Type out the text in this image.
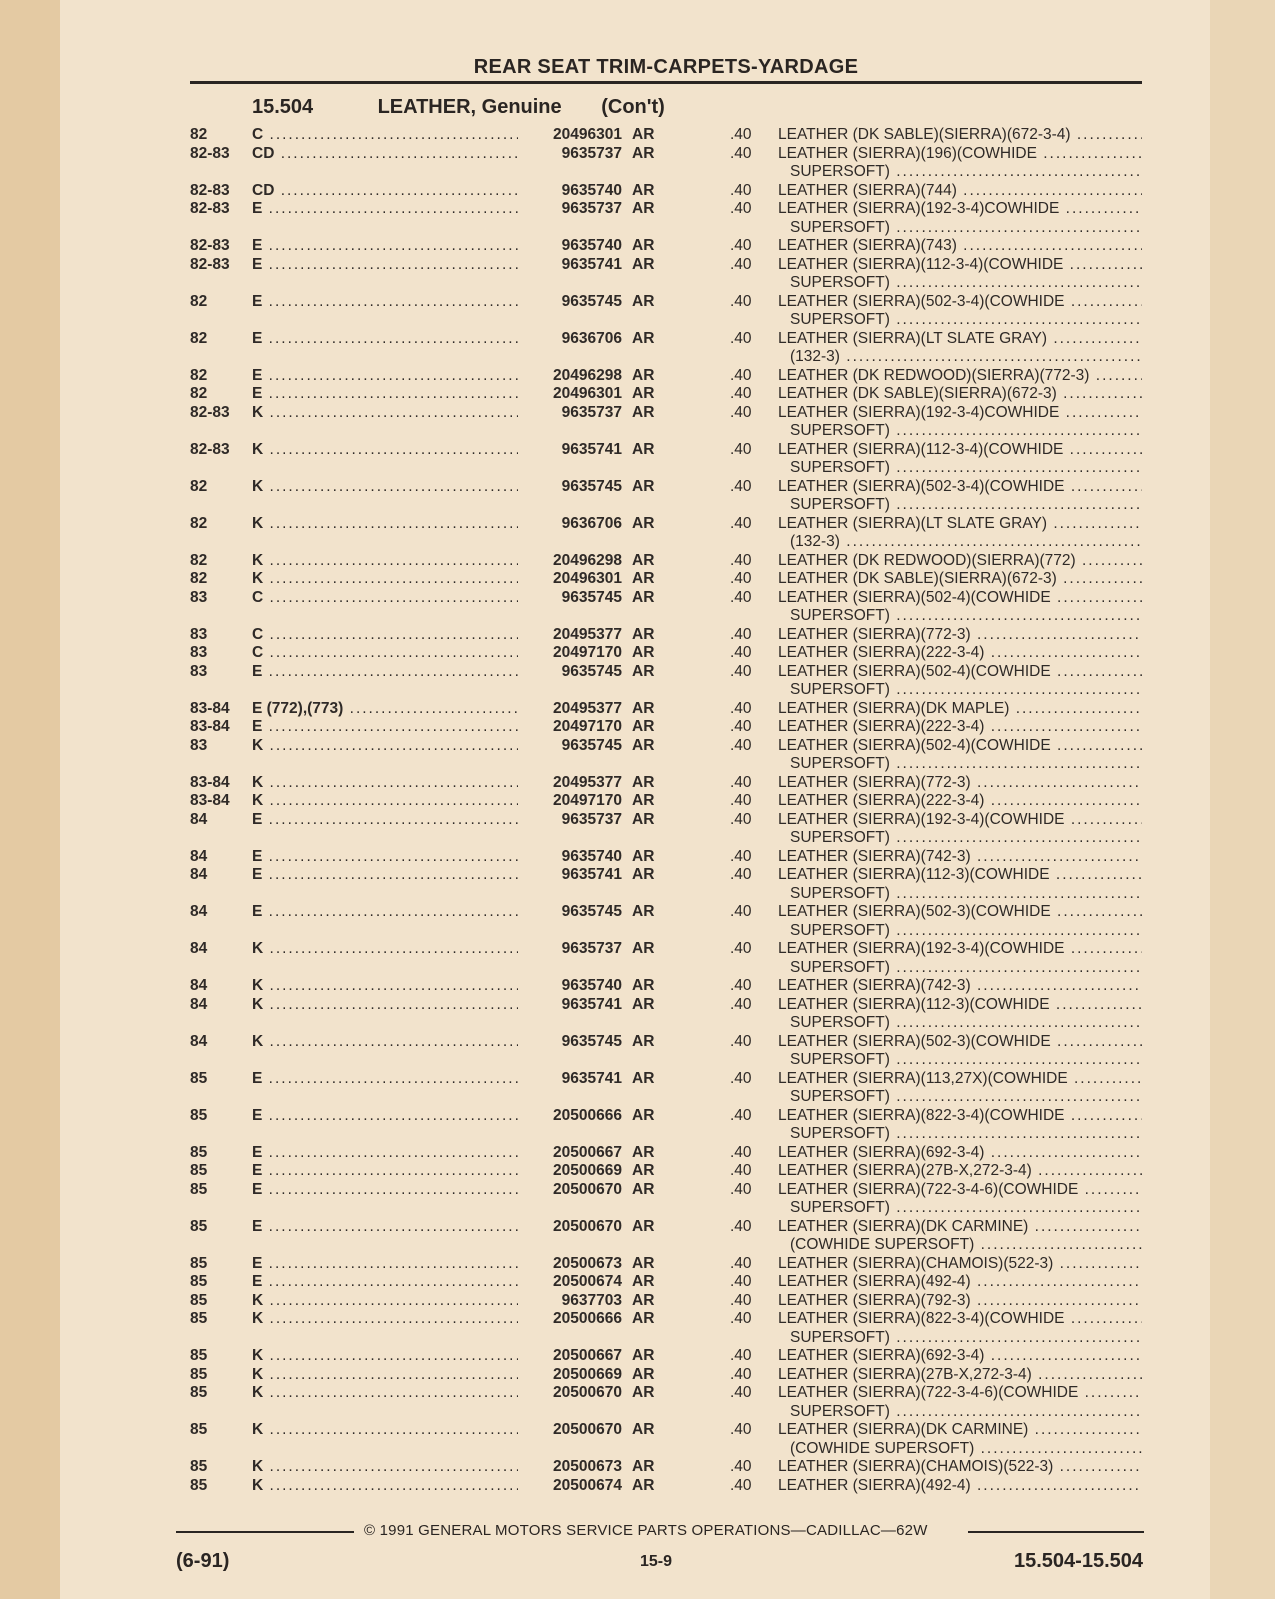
REAR SEAT TRIM-CARPETS-YARDAGE
15.504	LEATHER, Genuine (Con't)
82	C .....	20496301 AR	.40 LEATHER (DK SABLE)(SIERRA)(672-3-4) .....
82-83 CD .....	9635737 AR	.40 LEATHER (SIERRA)(196)(COWHIDE .....
SUPERSOFT) .....
82-83 CD .....	9635740 AR	.40 LEATHER (SIERRA)(744) .....
82-83 E .....	9635737 AR	.40 LEATHER (SIERRA)(192-3-4)COWHIDE .....
SUPERSOFT) .....
82-83 E .....	9635740 AR	.40 LEATHER (SIERRA)(743) .....
82-83 E .....	9635741 AR	.40 LEATHER (SIERRA)(112-3-4)(COWHIDE .....
SUPERSOFT) .....
82	E .....	9635745 AR	.40 LEATHER (SIERRA)(502-3-4)(COWHIDE .....
SUPERSOFT) .....
82	E .....	9636706 AR	.40 LEATHER (SIERRA)(LT SLATE GRAY) .....
(132-3) .....
82	E .....	20496298 AR	.40 LEATHER (DK REDWOOD)(SIERRA)(772-3) .....
82	E .....	20496301 AR	.40 LEATHER (DK SABLE)(SIERRA)(672-3) .....
82-83 K .....	9635737 AR	.40 LEATHER (SIERRA)(192-3-4)COWHIDE .....
SUPERSOFT) .....
82-83 K .....	9635741 AR	.40 LEATHER (SIERRA)(112-3-4)(COWHIDE .....
SUPERSOFT) .....
82	K .....	9635745 AR	.40 LEATHER (SIERRA)(502-3-4)(COWHIDE .....
SUPERSOFT) .....
82	K .....	9636706 AR	.40 LEATHER (SIERRA)(LT SLATE GRAY) .....
(132-3) .....
82	K .....	20496298 AR	.40 LEATHER (DK REDWOOD)(SIERRA)(772) .....
82	K .....	20496301 AR	.40 LEATHER (DK SABLE)(SIERRA)(672-3) .....
83	C .....	9635745 AR	.40 LEATHER (SIERRA)(502-4)(COWHIDE .....
SUPERSOFT) .....
83	C .....	20495377 AR	.40 LEATHER (SIERRA)(772-3) .....
83	C .....	20497170 AR	.40 LEATHER (SIERRA)(222-3-4) .....
83	E .....	9635745 AR	.40 LEATHER (SIERRA)(502-4)(COWHIDE .....
SUPERSOFT) .....
83-84 E (772),(773) .....	20495377 AR	.40 LEATHER (SIERRA)(DK MAPLE) .....
83-84 E .....	20497170 AR	.40 LEATHER (SIERRA)(222-3-4) .....
83	K .....	9635745 AR	.40 LEATHER (SIERRA)(502-4)(COWHIDE .....
SUPERSOFT) .....
83-84 K .....	20495377 AR	.40 LEATHER (SIERRA)(772-3) .....
83-84 K .....	20497170 AR	.40 LEATHER (SIERRA)(222-3-4) .....
84	E .....	9635737 AR	.40 LEATHER (SIERRA)(192-3-4)(COWHIDE .....
SUPERSOFT) .....
84	E .....	9635740 AR	.40 LEATHER (SIERRA)(742-3) .....
84	E .....	9635741 AR	.40 LEATHER (SIERRA)(112-3)(COWHIDE .....
SUPERSOFT) .....
84	E .....	9635745 AR	.40 LEATHER (SIERRA)(502-3)(COWHIDE .....
SUPERSOFT) .....
84	K .....	9635737 AR	.40 LEATHER (SIERRA)(192-3-4)(COWHIDE .....
SUPERSOFT) .....
84	K .....	9635740 AR	.40 LEATHER (SIERRA)(742-3) .....
84	K .....	9635741 AR	.40 LEATHER (SIERRA)(112-3)(COWHIDE .....
SUPERSOFT) .....
84	K .....	9635745 AR	.40 LEATHER (SIERRA)(502-3)(COWHIDE .....
SUPERSOFT) .....
85	E .....	9635741 AR	.40 LEATHER (SIERRA)(113,27X)(COWHIDE .....
SUPERSOFT) .....
85	E .....	20500666 AR	.40 LEATHER (SIERRA)(822-3-4)(COWHIDE .....
SUPERSOFT) .....
85	E .....	20500667 AR	.40 LEATHER (SIERRA)(692-3-4) .....
85	E .....	20500669 AR	.40 LEATHER (SIERRA)(27B-X,272-3-4) .....
85	E .....	20500670 AR	.40 LEATHER (SIERRA)(722-3-4-6)(COWHIDE .....
SUPERSOFT) .....
85	E .....	20500670 AR	.40 LEATHER (SIERRA)(DK CARMINE) .....
(COWHIDE SUPERSOFT) .....
85	E .....	20500673 AR	.40 LEATHER (SIERRA)(CHAMOIS)(522-3) .....
85	E .....	20500674 AR	.40 LEATHER (SIERRA)(492-4) .....
85	K .....	9637703 AR	.40 LEATHER (SIERRA)(792-3) .....
85	K .....	20500666 AR	.40 LEATHER (SIERRA)(822-3-4)(COWHIDE .....
SUPERSOFT) .....
85	K .....	20500667 AR	.40 LEATHER (SIERRA)(692-3-4) .....
85	K .....	20500669 AR	.40 LEATHER (SIERRA)(27B-X,272-3-4) .....
85	K .....	20500670 AR	.40 LEATHER (SIERRA)(722-3-4-6)(COWHIDE .....
SUPERSOFT) .....
85	K .....	20500670 AR	.40 LEATHER (SIERRA)(DK CARMINE) .....
(COWHIDE SUPERSOFT) .....
85	K .....	20500673 AR	.40 LEATHER (SIERRA)(CHAMOIS)(522-3) .....
85	K .....	20500674 AR	.40 LEATHER (SIERRA)(492-4) .....
© 1991 GENERAL MOTORS SERVICE PARTS OPERATIONS—CADILLAC—62W
(6-91)	15-9	15.504-15.504
